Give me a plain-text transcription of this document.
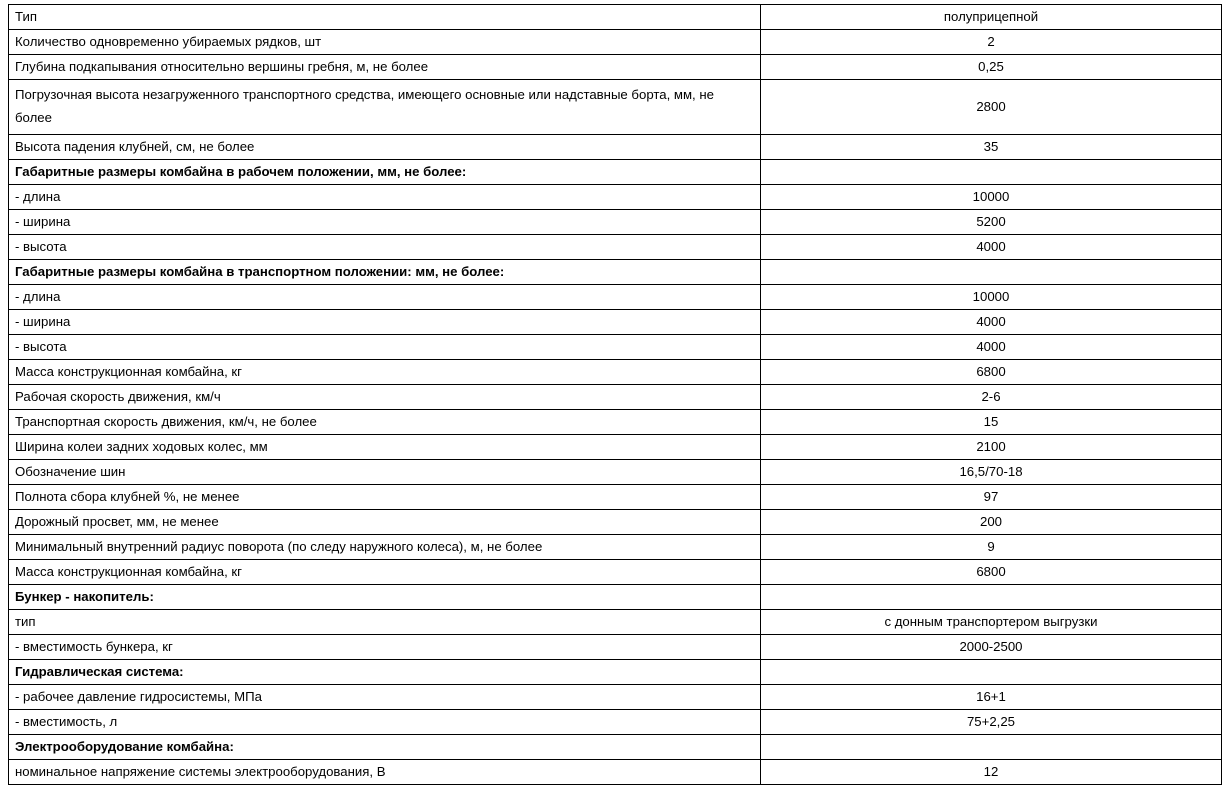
Тип	полуприцепной
Количество одновременно убираемых рядков, шт	2
Глубина подкапывания относительно вершины гребня, м, не более	0,25
Погрузочная высота незагруженного транспортного средства, имеющего основные или надставные борта, мм, не более	2800
Высота падения клубней, см, не более	35
Габаритные размеры комбайна в рабочем положении, мм, не более:	
- длина	10000
- ширина	5200
- высота	4000
Габаритные размеры комбайна в транспортном положении: мм, не более:	
- длина	10000
- ширина	4000
- высота	4000
Масса конструкционная комбайна, кг	6800
Рабочая скорость движения, км/ч	2-6
Транспортная скорость движения, км/ч, не более	15
Ширина колеи задних ходовых колес, мм	2100
Обозначение шин	16,5/70-18
Полнота сбора клубней %, не менее	97
Дорожный просвет, мм, не менее	200
Минимальный внутренний радиус поворота (по следу наружного колеса), м, не более	9
Масса конструкционная комбайна, кг	6800
Бункер - накопитель:	
тип	с донным транспортером выгрузки
- вместимость бункера, кг	2000-2500
Гидравлическая система:	
- рабочее давление гидросистемы, МПа	16+1
- вместимость, л	75+2,25
Электрооборудование комбайна:	
номинальное напряжение системы электрооборудования, В	12
